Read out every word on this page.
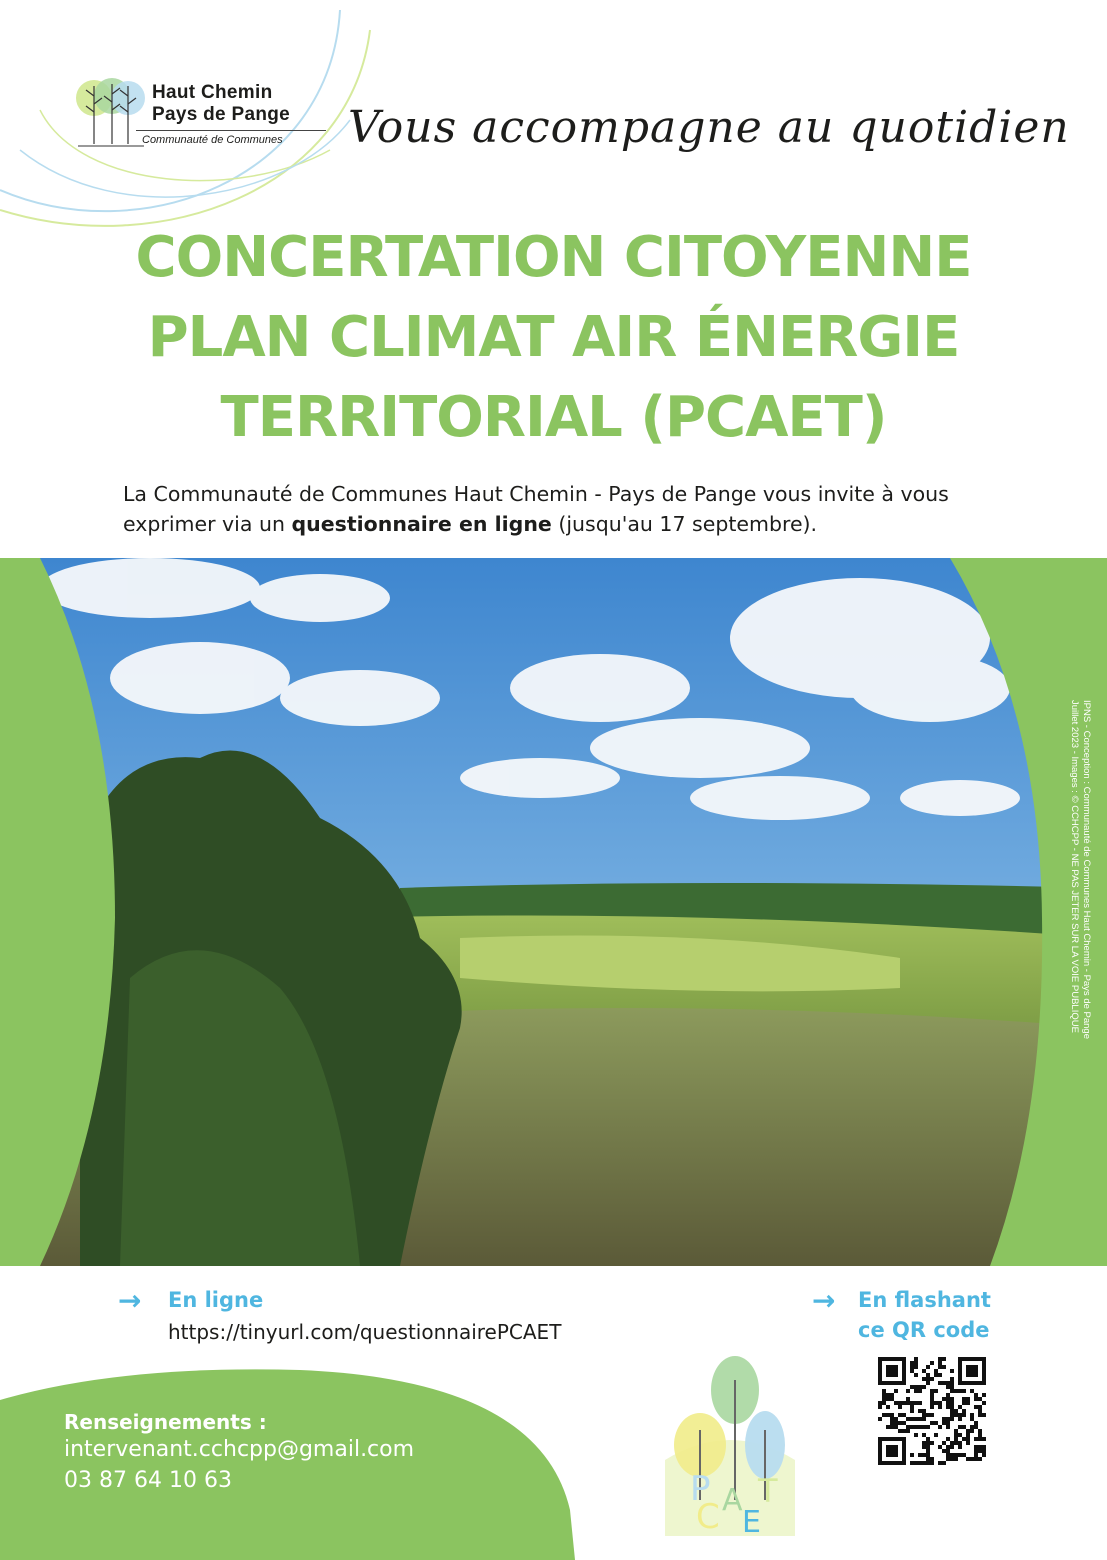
Haut Chemin
Pays de Pange
Communauté de Communes Vous accompagne au quotidien
CONCERTATION CITOYENNE
PLAN CLIMAT AIR ÉNERGIE
TERRITORIAL (PCAET)
La Communauté de Communes Haut Chemin - Pays de Pange vous invite à vous exprimer via un questionnaire en ligne (jusqu'au 17 septembre).
IPNS - Conception : Communauté de Communes Haut Chemin - Pays de Pange
Juillet 2023 - Images : © CCHCPP - NE PAS JETER SUR LA VOIE PUBLIQUE
→ En ligne
https://tinyurl.com/questionnairePCAET
→ En flashant
ce QR code
Renseignements :
intervenant.cchcpp@gmail.com
03 87 64 10 63	P
C A
E
T
